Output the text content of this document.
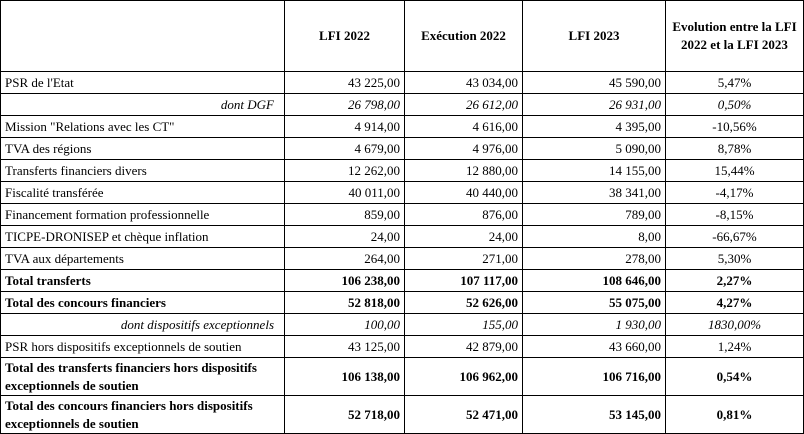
	LFI 2022	Exécution 2022	LFI 2023	Evolution entre la LFI 2022 et la LFI 2023
PSR de l'Etat	43 225,00	43 034,00	45 590,00	5,47%
dont DGF	26 798,00	26 612,00	26 931,00	0,50%
Mission "Relations avec les CT"	4 914,00	4 616,00	4 395,00	-10,56%
TVA des régions	4 679,00	4 976,00	5 090,00	8,78%
Transferts financiers divers	12 262,00	12 880,00	14 155,00	15,44%
Fiscalité transférée	40 011,00	40 440,00	38 341,00	-4,17%
Financement formation professionnelle	859,00	876,00	789,00	-8,15%
TICPE-DRONISEP et chèque inflation	24,00	24,00	8,00	-66,67%
TVA aux départements	264,00	271,00	278,00	5,30%
Total transferts	106 238,00	107 117,00	108 646,00	2,27%
Total des concours financiers	52 818,00	52 626,00	55 075,00	4,27%
dont dispositifs exceptionnels	100,00	155,00	1 930,00	1830,00%
PSR hors dispositifs exceptionnels de soutien	43 125,00	42 879,00	43 660,00	1,24%
Total des transferts financiers hors dispositifs exceptionnels de soutien	106 138,00	106 962,00	106 716,00	0,54%
Total des concours financiers hors dispositifs exceptionnels de soutien	52 718,00	52 471,00	53 145,00	0,81%
